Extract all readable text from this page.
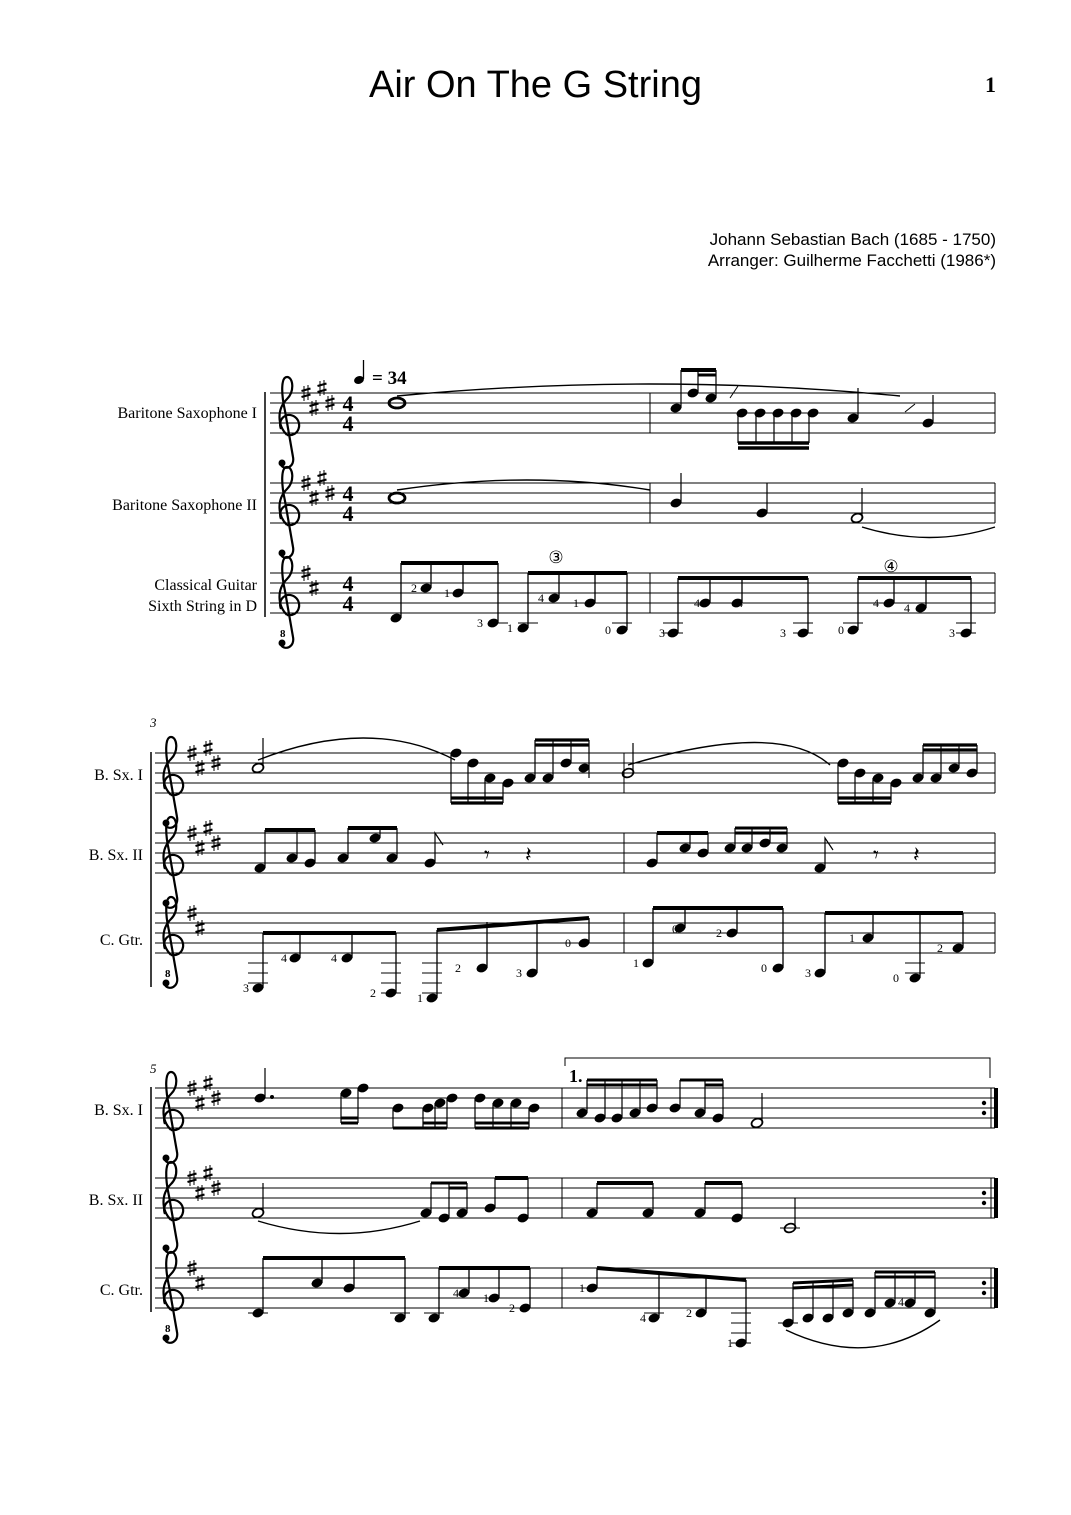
Air On The G String	1
Johann Sebastian Bach (1685 - 1750)
Arranger: Guilherme Facchetti (1986*)
Baritone Saxophone I
Baritone Saxophone II
Classical Guitar
Sixth String in D
8
4
4
4
4
4
4
= 34
③	④
2 1
3 1
4 1
0	3
4	4
3	0
4 4
3
3
B. Sx. I
B. Sx. II
C. Gtr.
8
𝄾 𝄽	𝄾 𝄽
3
4	4
2	1
2	3
0
1
0	2
0	3
1
0
2
5
B. Sx. I
B. Sx. II
C. Gtr.
8
1.
4 1
2
1
4	2
1
4
